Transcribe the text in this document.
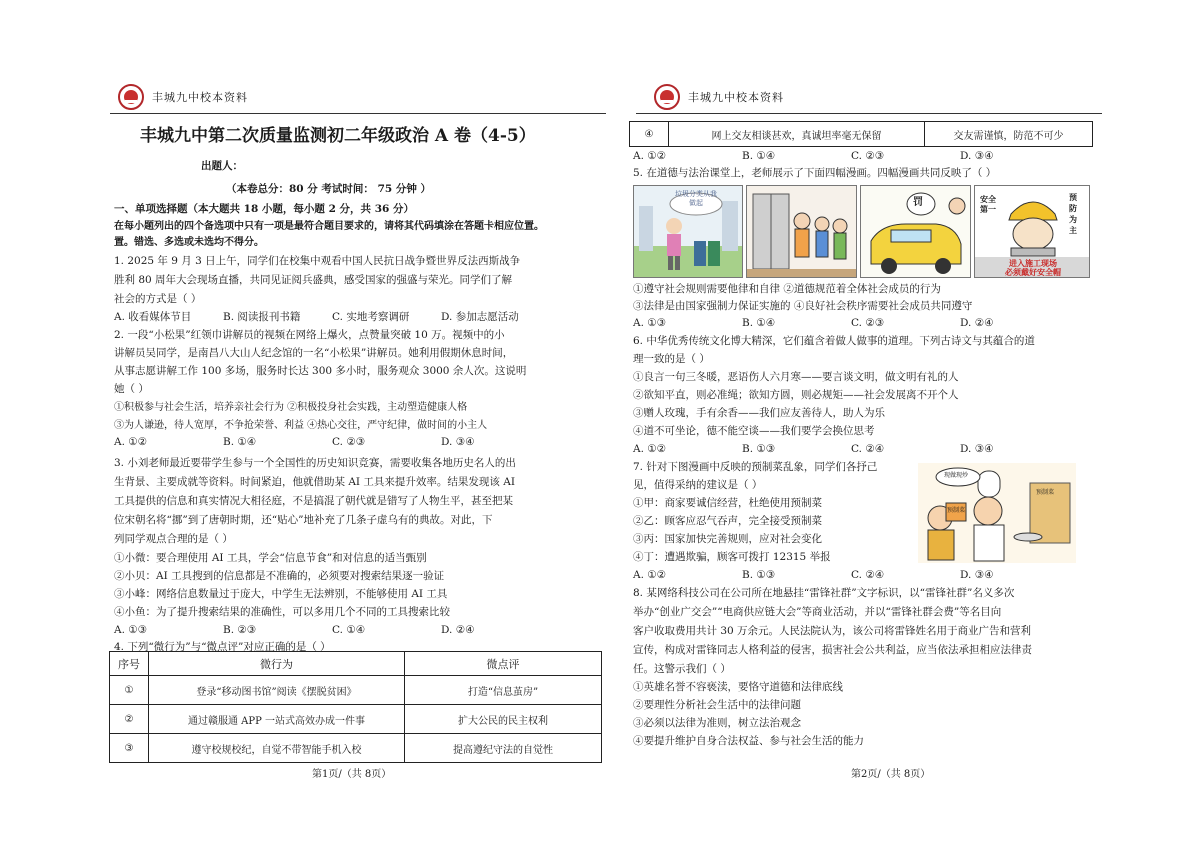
丰城九中校本资料
丰城九中第二次质量监测初二年级政治 A 卷（4-5）
出题人：
（本卷总分：80 分 考试时间： 75 分钟 ）
一、单项选择题（本大题共 18 小题，每小题 2 分，共 36 分）
在每小题列出的四个备选项中只有一项是最符合题目要求的，请将其代码填涂在答题卡相应位置。
置。错选、多选或未选均不得分。
1. 2025 年 9 月 3 日上午，同学们在校集中观看中国人民抗日战争暨世界反法西斯战争
胜利 80 周年大会现场直播，共同见证阅兵盛典，感受国家的强盛与荣光。同学们了解
社会的方式是（ ）
A. 收看媒体节目	B. 阅读报刊书籍	C. 实地考察调研	D. 参加志愿活动
2. 一段“小松果”红领巾讲解员的视频在网络上爆火，点赞量突破 10 万。视频中的小
讲解员吴同学，是南昌八大山人纪念馆的一名“小松果”讲解员。她利用假期休息时间，
从事志愿讲解工作 100 多场，服务时长达 300 多小时，服务观众 3000 余人次。这说明
她（ ）
①积极参与社会生活，培养亲社会行为 ②积极投身社会实践，主动塑造健康人格
③为人谦逊，待人宽厚，不争抢荣誉、利益 ④热心交往，严守纪律，做时间的小主人
A. ①②	B. ①④	C. ②③	D. ③④
3. 小刘老师最近要带学生参与一个全国性的历史知识竞赛，需要收集各地历史名人的出
生背景、主要成就等资料。时间紧迫，他就借助某 AI 工具来提升效率。结果发现该 AI
工具提供的信息和真实情况大相径庭，不是搞混了朝代就是错写了人物生平，甚至把某
位宋朝名将“挪”到了唐朝时期，还“贴心”地补充了几条子虚乌有的典故。对此，下
列同学观点合理的是（ ）
①小微：要合理使用 AI 工具，学会“信息节食”和对信息的适当甄别
②小贝：AI 工具搜到的信息都是不准确的，必须要对搜索结果逐一验证
③小峰：网络信息数量过于庞大，中学生无法辨别，不能够使用 AI 工具
④小鱼：为了提升搜索结果的准确性，可以多用几个不同的工具搜索比较
A. ①③	B. ②③	C. ①④	D. ②④
4. 下列“微行为”与“微点评”对应正确的是（ ）
序号	微行为	微点评
①	登录“移动图书馆”阅读《摆脱贫困》	打造“信息茧房”
②	通过赣服通 APP 一站式高效办成一件事	扩大公民的民主权利
③	遵守校规校纪，自觉不带智能手机入校	提高遵纪守法的自觉性
第1页/（共 8页）
丰城九中校本资料
④	网上交友相谈甚欢，真诚坦率毫无保留	交友需谨慎，防范不可少
A. ①②	B. ①④	C. ②③	D. ③④
5. 在道德与法治课堂上，老师展示了下面四幅漫画。四幅漫画共同反映了（ ）
垃圾分类从我做起	罚	安全第一
预防为主
进入施工现场
必须戴好安全帽
①遵守社会规则需要他律和自律 ②道德规范着全体社会成员的行为
③法律是由国家强制力保证实施的 ④良好社会秩序需要社会成员共同遵守
A. ①③	B. ①④	C. ②③	D. ②④
6. 中华优秀传统文化博大精深，它们蕴含着做人做事的道理。下列古诗文与其蕴合的道
理一致的是（ ）
①良言一句三冬暖，恶语伤人六月寒——要言谈文明，做文明有礼的人
②欲知平直，则必准绳；欲知方圆，则必规矩——社会发展离不开个人
③赠人玫瑰，手有余香——我们应友善待人，助人为乐
④道不可坐论，德不能空谈——我们要学会换位思考
A. ①②	B. ①③	C. ②④	D. ③④
7. 针对下图漫画中反映的预制菜乱象，同学们各抒己
见，值得采纳的建议是（ ）
①甲：商家要诚信经营，杜绝使用预制菜
②乙：顾客应忍气吞声，完全接受预制菜
③丙：国家加快完善规则，应对社会变化
④丁：遭遇欺骗，顾客可拨打 12315 举报
现做现炒
预制菜
预制菜
A. ①②	B. ①③	C. ②④	D. ③④
8. 某网络科技公司在公司所在地悬挂“雷锋社群”文字标识，以“雷锋社群”名义多次
举办“创业广交会”“电商供应链大会”等商业活动，并以“雷锋社群会费”等名目向
客户收取费用共计 30 万余元。人民法院认为，该公司将雷锋姓名用于商业广告和营利
宣传，构成对雷锋同志人格利益的侵害，损害社会公共利益，应当依法承担相应法律责
任。这警示我们（ ）
①英雄名誉不容亵渎，要恪守道德和法律底线
②要理性分析社会生活中的法律问题
③必须以法律为准则，树立法治观念
④要提升维护自身合法权益、参与社会生活的能力
第2页/（共 8页）
